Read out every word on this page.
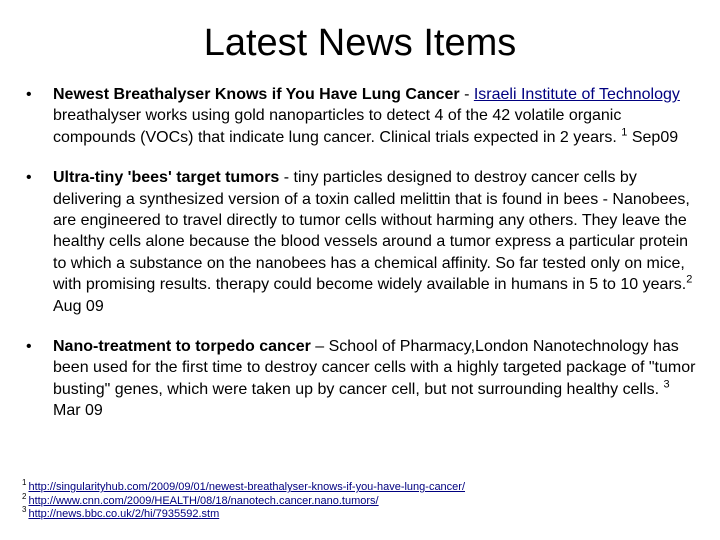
Latest News Items
• Newest Breathalyser Knows if You Have Lung Cancer - Israeli Institute of Technology breathalyser works using gold nanoparticles to detect 4 of the 42 volatile organic compounds (VOCs) that indicate lung cancer. Clinical trials expected in 2 years. $^1$ Sep09
• Ultra-tiny 'bees' target tumors - tiny particles designed to destroy cancer cells by delivering a synthesized version of a toxin called melittin that is found in bees - Nanobees, are engineered to travel directly to tumor cells without harming any others. They leave the healthy cells alone because the blood vessels around a tumor express a particular protein to which a substance on the nanobees has a chemical affinity. So far tested only on mice, with promising results. therapy could become widely available in humans in 5 to 10 years.$^2$ Aug 09
• Nano-treatment to torpedo cancer – School of Pharmacy,London Nanotechnology has been used for the first time to destroy cancer cells with a highly targeted package of "tumor busting" genes, which were taken up by cancer cell, but not surrounding healthy cells. $^3$ Mar 09
$^1$ http://singularityhub.com/2009/09/01/newest-breathalyser-knows-if-you-have-lung-cancer/
$^2$ http://www.cnn.com/2009/HEALTH/08/18/nanotech.cancer.nano.tumors/
$^3$ http://news.bbc.co.uk/2/hi/7935592.stm
